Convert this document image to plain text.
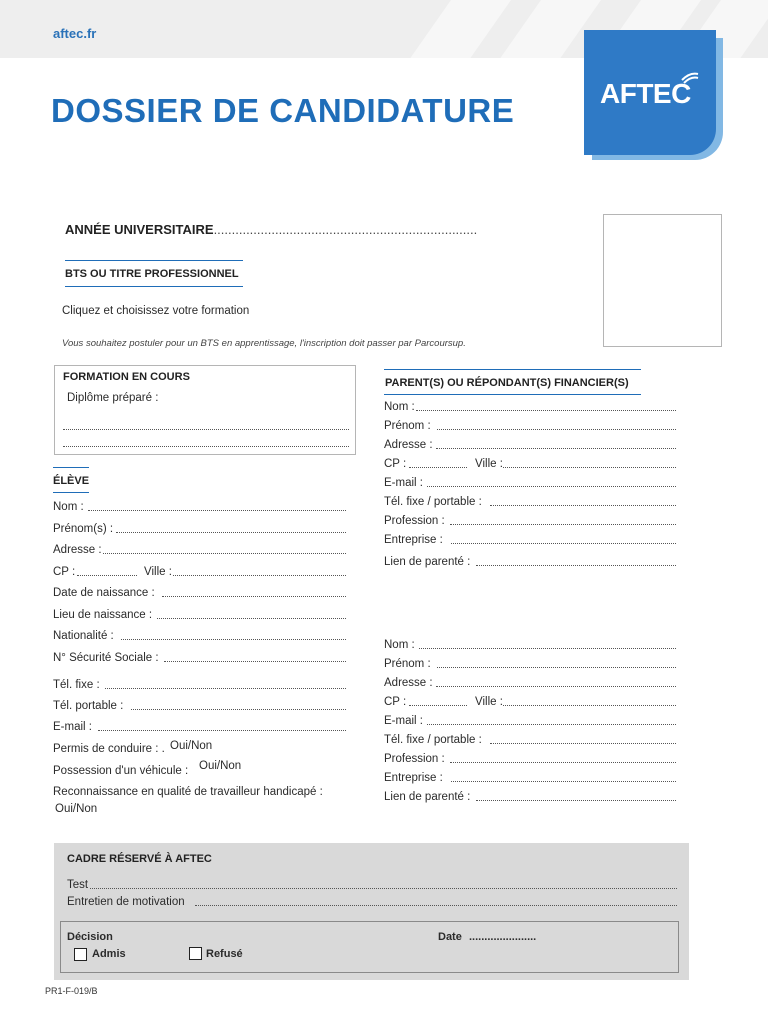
aftec.fr
DOSSIER DE CANDIDATURE	AFTEC
ANNÉE UNIVERSITAIRE.........................................................................
BTS OU TITRE PROFESSIONNEL
Cliquez et choisissez votre formation
Vous souhaitez postuler pour un BTS en apprentissage, l'inscription doit passer par Parcoursup.
FORMATION EN COURS
Diplôme préparé :
ÉLÈVE
Nom :
Prénom(s) :
Adresse :
CP :	Ville :
Date de naissance :
Lieu de naissance :
Nationalité :
N° Sécurité Sociale :
Tél. fixe :
Tél. portable :
E-mail :
Permis de conduire : . Oui/Non
Possession d'un véhicule : Oui/Non
Reconnaissance en qualité de travailleur handicapé :
Oui/Non
PARENT(S) OU RÉPONDANT(S) FINANCIER(S)
Nom :
Prénom :
Adresse :
CP :	Ville :
E-mail :
Tél. fixe / portable :
Profession :
Entreprise :
Lien de parenté :
Nom :
Prénom :
Adresse :
CP :	Ville :
E-mail :
Tél. fixe / portable :
Profession :
Entreprise :
Lien de parenté :
CADRE RÉSERVÉ À AFTEC
Test
Entretien de motivation
Décision	Date ......................
Admis	Refusé
PR1-F-019/B
